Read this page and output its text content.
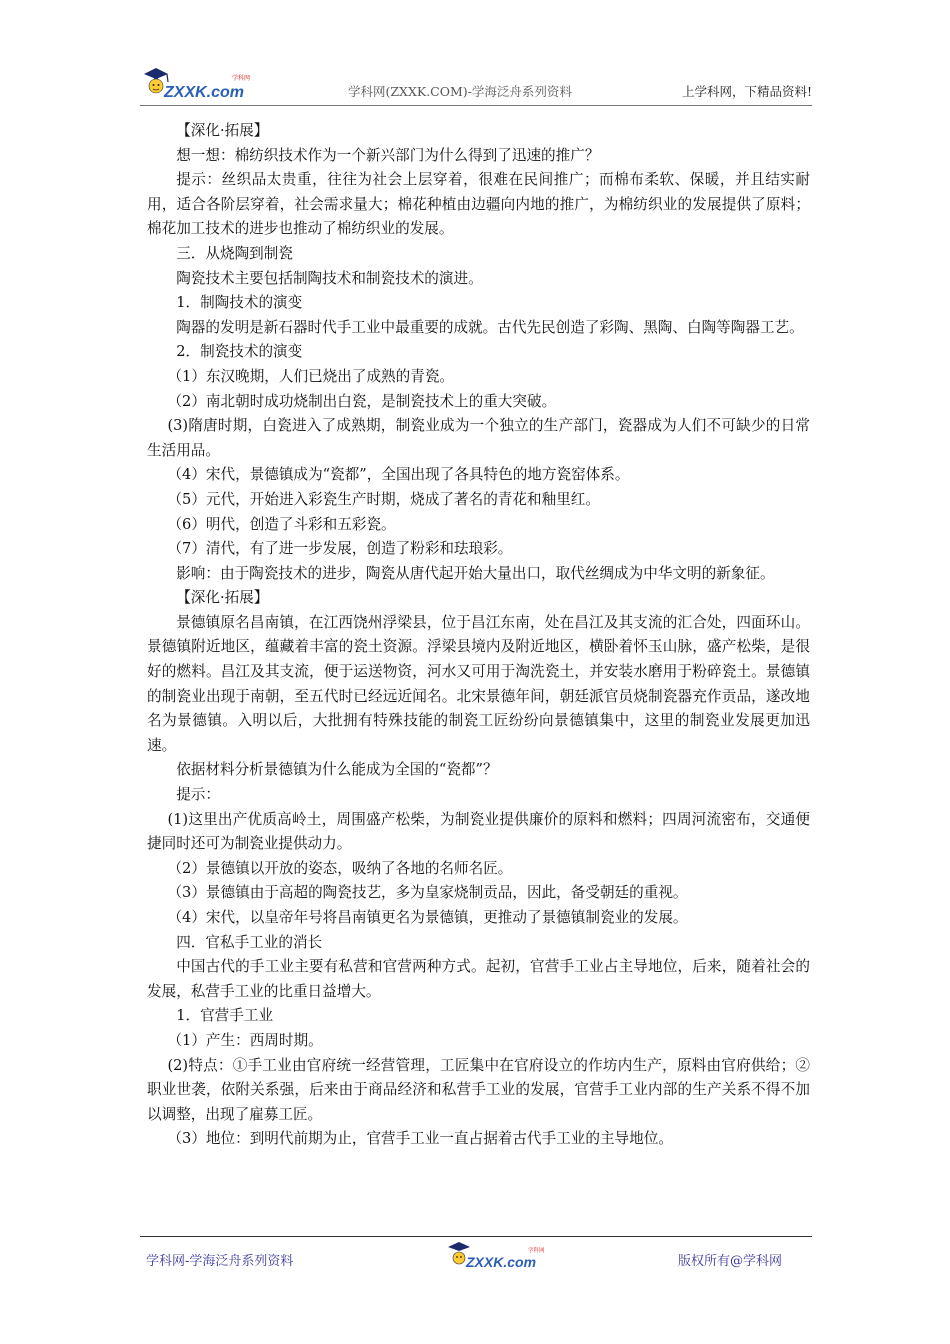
ZXXK.com
学科网
学科网(ZXXK.COM)-学海泛舟系列资料	上学科网，下精品资料!

【深化·拓展】

想一想：棉纺织技术作为一个新兴部门为什么得到了迅速的推广？

提示：丝织品太贵重，往往为社会上层穿着，很难在民间推广；而棉布柔软、保暖，并且结实耐用，适合各阶层穿着，社会需求量大；棉花种植由边疆向内地的推广，为棉纺织业的发展提供了原料；棉花加工技术的进步也推动了棉纺织业的发展。

三．从烧陶到制瓷

陶瓷技术主要包括制陶技术和制瓷技术的演进。

1．制陶技术的演变

陶器的发明是新石器时代手工业中最重要的成就。古代先民创造了彩陶、黑陶、白陶等陶器工艺。

2．制瓷技术的演变

（1）东汉晚期，人们已烧出了成熟的青瓷。

（2）南北朝时成功烧制出白瓷，是制瓷技术上的重大突破。

(3)隋唐时期，白瓷进入了成熟期，制瓷业成为一个独立的生产部门，瓷器成为人们不可缺少的日常生活用品。

（4）宋代，景德镇成为“瓷都”，全国出现了各具特色的地方瓷窑体系。

（5）元代，开始进入彩瓷生产时期，烧成了著名的青花和釉里红。

（6）明代，创造了斗彩和五彩瓷。

（7）清代，有了进一步发展，创造了粉彩和珐琅彩。

影响：由于陶瓷技术的进步，陶瓷从唐代起开始大量出口，取代丝绸成为中华文明的新象征。

【深化·拓展】

景德镇原名昌南镇，在江西饶州浮梁县，位于昌江东南，处在昌江及其支流的汇合处，四面环山。景德镇附近地区，蕴藏着丰富的瓷土资源。浮梁县境内及附近地区，横卧着怀玉山脉，盛产松柴，是很好的燃料。昌江及其支流，便于运送物资，河水又可用于淘洗瓷土，并安装水磨用于粉碎瓷土。景德镇的制瓷业出现于南朝，至五代时已经远近闻名。北宋景德年间，朝廷派官员烧制瓷器充作贡品，遂改地名为景德镇。入明以后，大批拥有特殊技能的制瓷工匠纷纷向景德镇集中，这里的制瓷业发展更加迅速。

依据材料分析景德镇为什么能成为全国的“瓷都”？

提示：

(1)这里出产优质高岭土，周围盛产松柴，为制瓷业提供廉价的原料和燃料；四周河流密布，交通便捷同时还可为制瓷业提供动力。

（2）景德镇以开放的姿态，吸纳了各地的名师名匠。

（3）景德镇由于高超的陶瓷技艺，多为皇家烧制贡品，因此，备受朝廷的重视。

（4）宋代，以皇帝年号将昌南镇更名为景德镇，更推动了景德镇制瓷业的发展。

四．官私手工业的消长

中国古代的手工业主要有私营和官营两种方式。起初，官营手工业占主导地位，后来，随着社会的发展，私营手工业的比重日益增大。

1．官营手工业

（1）产生：西周时期。

(2)特点：①手工业由官府统一经营管理，工匠集中在官府设立的作坊内生产，原料由官府供给；②职业世袭，依附关系强，后来由于商品经济和私营手工业的发展，官营手工业内部的生产关系不得不加以调整，出现了雇募工匠。

（3）地位：到明代前期为止，官营手工业一直占据着古代手工业的主导地位。

学科网-学海泛舟系列资料	ZXXK.com
学科网
版权所有@学科网
